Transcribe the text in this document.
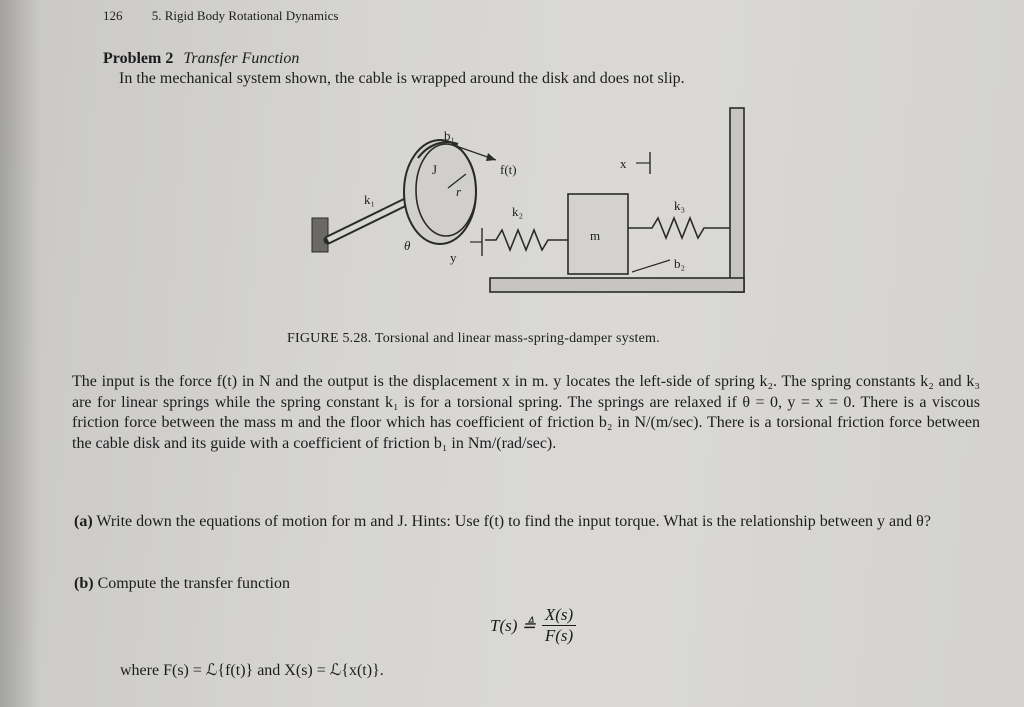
126 5. Rigid Body Rotational Dynamics
Problem 2 Transfer Function
In the mechanical system shown, the cable is wrapped around the disk and does not slip.
b₁
J
r
k₁
θ
y
f(t)
k₂
m
x
k₃
b₂
FIGURE 5.28. Torsional and linear mass-spring-damper system.
The input is the force f(t) in N and the output is the displacement x in m. y locates the left-side of spring k₂. The spring constants k₂ and k₃ are for linear springs while the spring constant k₁ is for a torsional spring. The springs are relaxed if θ = 0, y = x = 0. There is a viscous friction force between the mass m and the floor which has coefficient of friction b₂ in N/(m/sec). There is a torsional friction force between the cable disk and its guide with a coefficient of friction b₁ in Nm/(rad/sec).
(a) Write down the equations of motion for m and J. Hints: Use f(t) to find the input torque. What is the relationship between y and θ?
(b) Compute the transfer function
T(s) ≜ $\frac{X(s)}{F(s)}$
where F(s) = ℒ{f(t)} and X(s) = ℒ{x(t)}.
